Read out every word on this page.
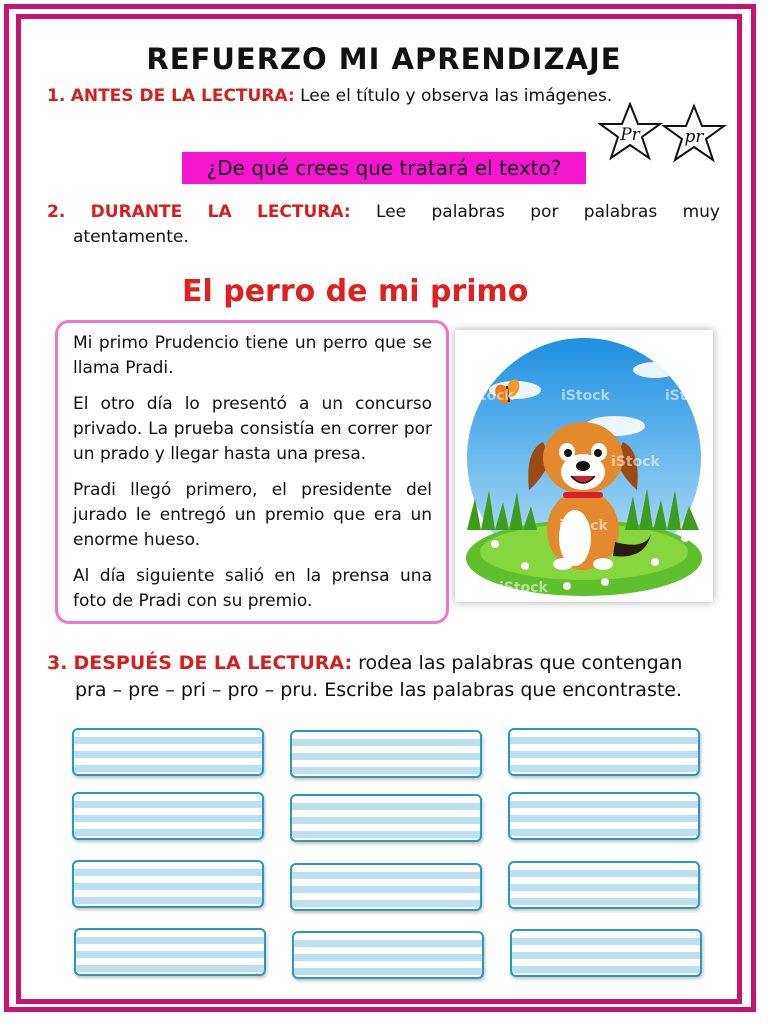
REFUERZO MI APRENDIZAJE
1. ANTES DE LA LECTURA: Lee el título y observa las imágenes.
Pr	pr
¿De qué crees que tratará el texto?
2. DURANTE LA LECTURA: Lee palabras por palabras muy
atentamente.
El perro de mi primo

Mi primo Prudencio tiene un perro que se llama Pradi.

El otro día lo presentó a un concurso privado. La prueba consistía en correr por un prado y llegar hasta una presa.

Pradi llegó primero, el presidente del jurado le entregó un premio que era un enorme hueso.

Al día siguiente salió en la prensa una foto de Pradi con su premio.

iStock	iStock	iStock
iStock
iStock
iStock
3. DESPUÉS DE LA LECTURA: rodea las palabras que contengan
pra – pre – pri – pro – pru. Escribe las palabras que encontraste.
